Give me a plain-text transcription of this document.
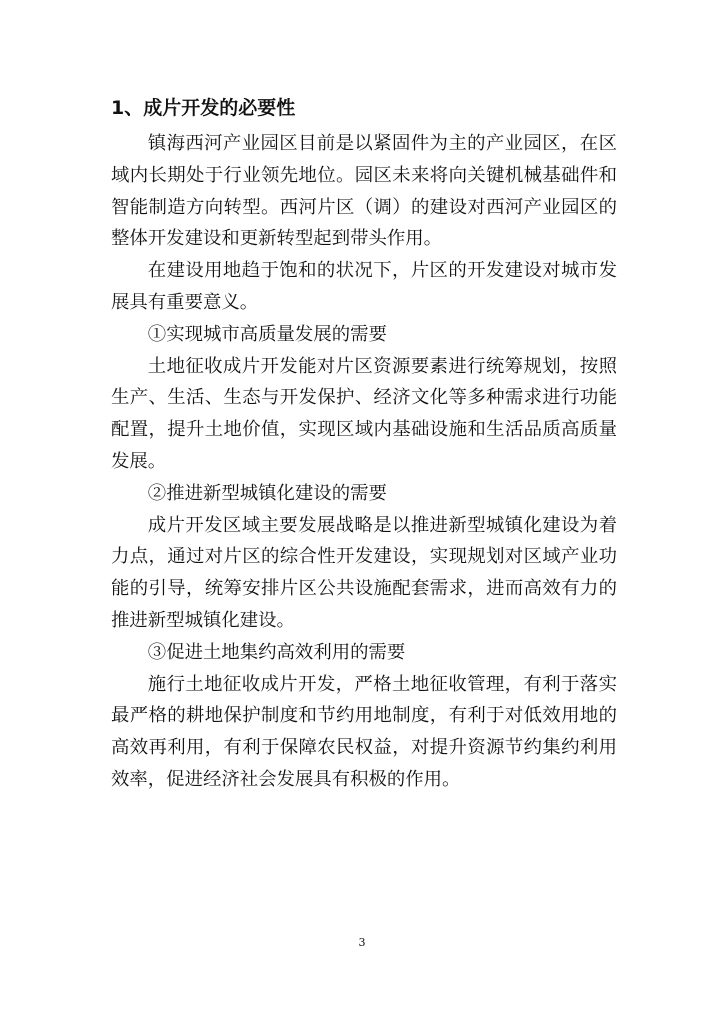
1、成片开发的必要性

镇海西河产业园区目前是以紧固件为主的产业园区，在区域内长期处于行业领先地位。园区未来将向关键机械基础件和智能制造方向转型。西河片区（调）的建设对西河产业园区的整体开发建设和更新转型起到带头作用。

在建设用地趋于饱和的状况下，片区的开发建设对城市发展具有重要意义。

①实现城市高质量发展的需要

土地征收成片开发能对片区资源要素进行统筹规划，按照生产、生活、生态与开发保护、经济文化等多种需求进行功能配置，提升土地价值，实现区域内基础设施和生活品质高质量发展。

②推进新型城镇化建设的需要

成片开发区域主要发展战略是以推进新型城镇化建设为着力点，通过对片区的综合性开发建设，实现规划对区域产业功能的引导，统筹安排片区公共设施配套需求，进而高效有力的推进新型城镇化建设。

③促进土地集约高效利用的需要

施行土地征收成片开发，严格土地征收管理，有利于落实最严格的耕地保护制度和节约用地制度，有利于对低效用地的高效再利用，有利于保障农民权益，对提升资源节约集约利用效率，促进经济社会发展具有积极的作用。

3
